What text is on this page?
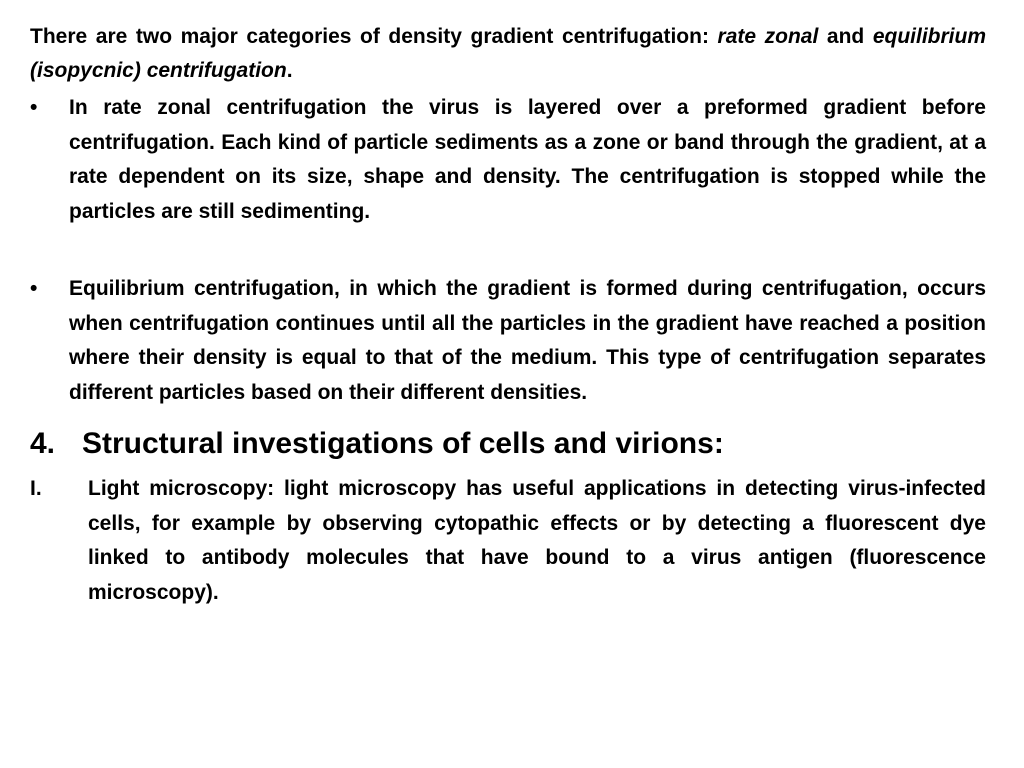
There are two major categories of density gradient centrifugation: rate zonal and equilibrium (isopycnic) centrifugation.

•	In rate zonal centrifugation the virus is layered over a preformed gradient before centrifugation. Each kind of particle sediments as a zone or band through the gradient, at a rate dependent on its size, shape and density. The centrifugation is stopped while the particles are still sedimenting.
•	Equilibrium centrifugation, in which the gradient is formed during centrifugation, occurs when centrifugation continues until all the particles in the gradient have reached a position where their density is equal to that of the medium. This type of centrifugation separates different particles based on their different densities.
4. Structural investigations of cells and virions:
I. Light microscopy: light microscopy has useful applications in detecting virus-infected cells, for example by observing cytopathic effects or by detecting a fluorescent dye linked to antibody molecules that have bound to a virus antigen (fluorescence microscopy).
